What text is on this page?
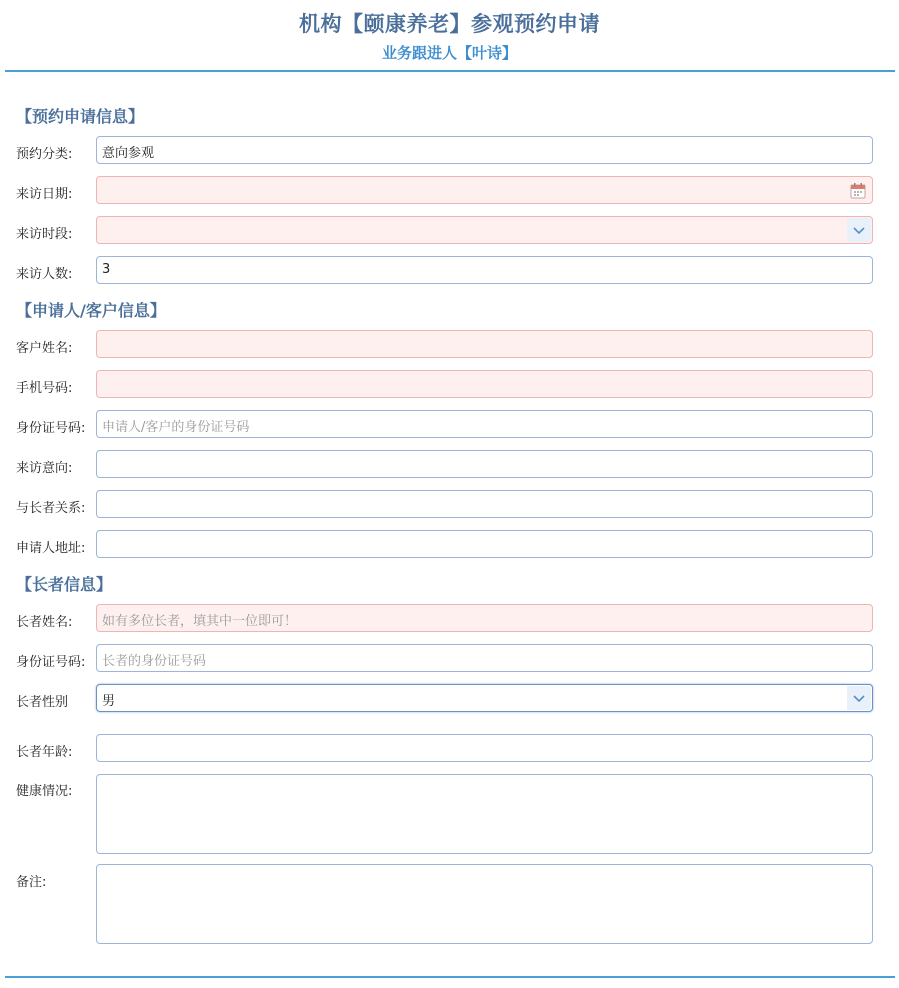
机构【颐康养老】参观预约申请
业务跟进人【叶诗】
【预约申请信息】
预约分类: 意向参观
来访日期:
来访时段:
来访人数: 3
【申请人/客户信息】
客户姓名:
手机号码:
身份证号码: 申请人/客户的身份证号码
来访意向:
与长者关系:
申请人地址:
【长者信息】
长者姓名: 如有多位长者，填其中一位即可！
身份证号码: 长者的身份证号码
长者性别	男
长者年龄:
健康情况:
备注:
